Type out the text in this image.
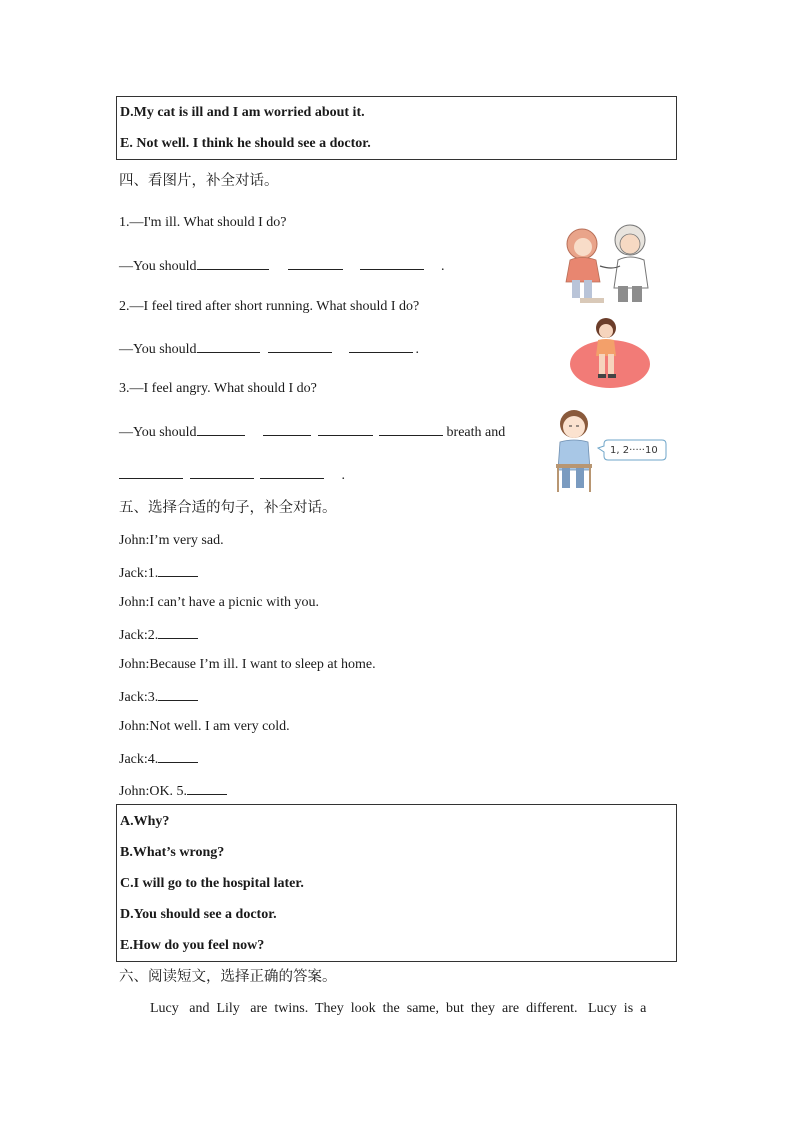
D.My cat is ill and I am worried about it.
E. Not well. I think he should see a doctor.
四、看图片，补全对话。
1.—I'm ill. What should I do?
—You should	.
2.—I feel tired after short running. What should I do?
—You should	.
3.—I feel angry. What should I do?
—You should	breath and
.
1, 2·····10
五、选择合适的句子，补全对话。
John:I’m very sad.
Jack:1.
John:I can’t have a picnic with you.
Jack:2.
John:Because I’m ill. I want to sleep at home.
Jack:3.
John:Not well. I am very cold.
Jack:4.
John:OK. 5.
A.Why?
B.What’s wrong?
C.I will go to the hospital later.
D.You should see a doctor.
E.How do you feel now?
六、阅读短文，选择正确的答案。
Lucy   and  Lily   are  twins.  They  look  the  same,  but  they  are  different.   Lucy  is  a
